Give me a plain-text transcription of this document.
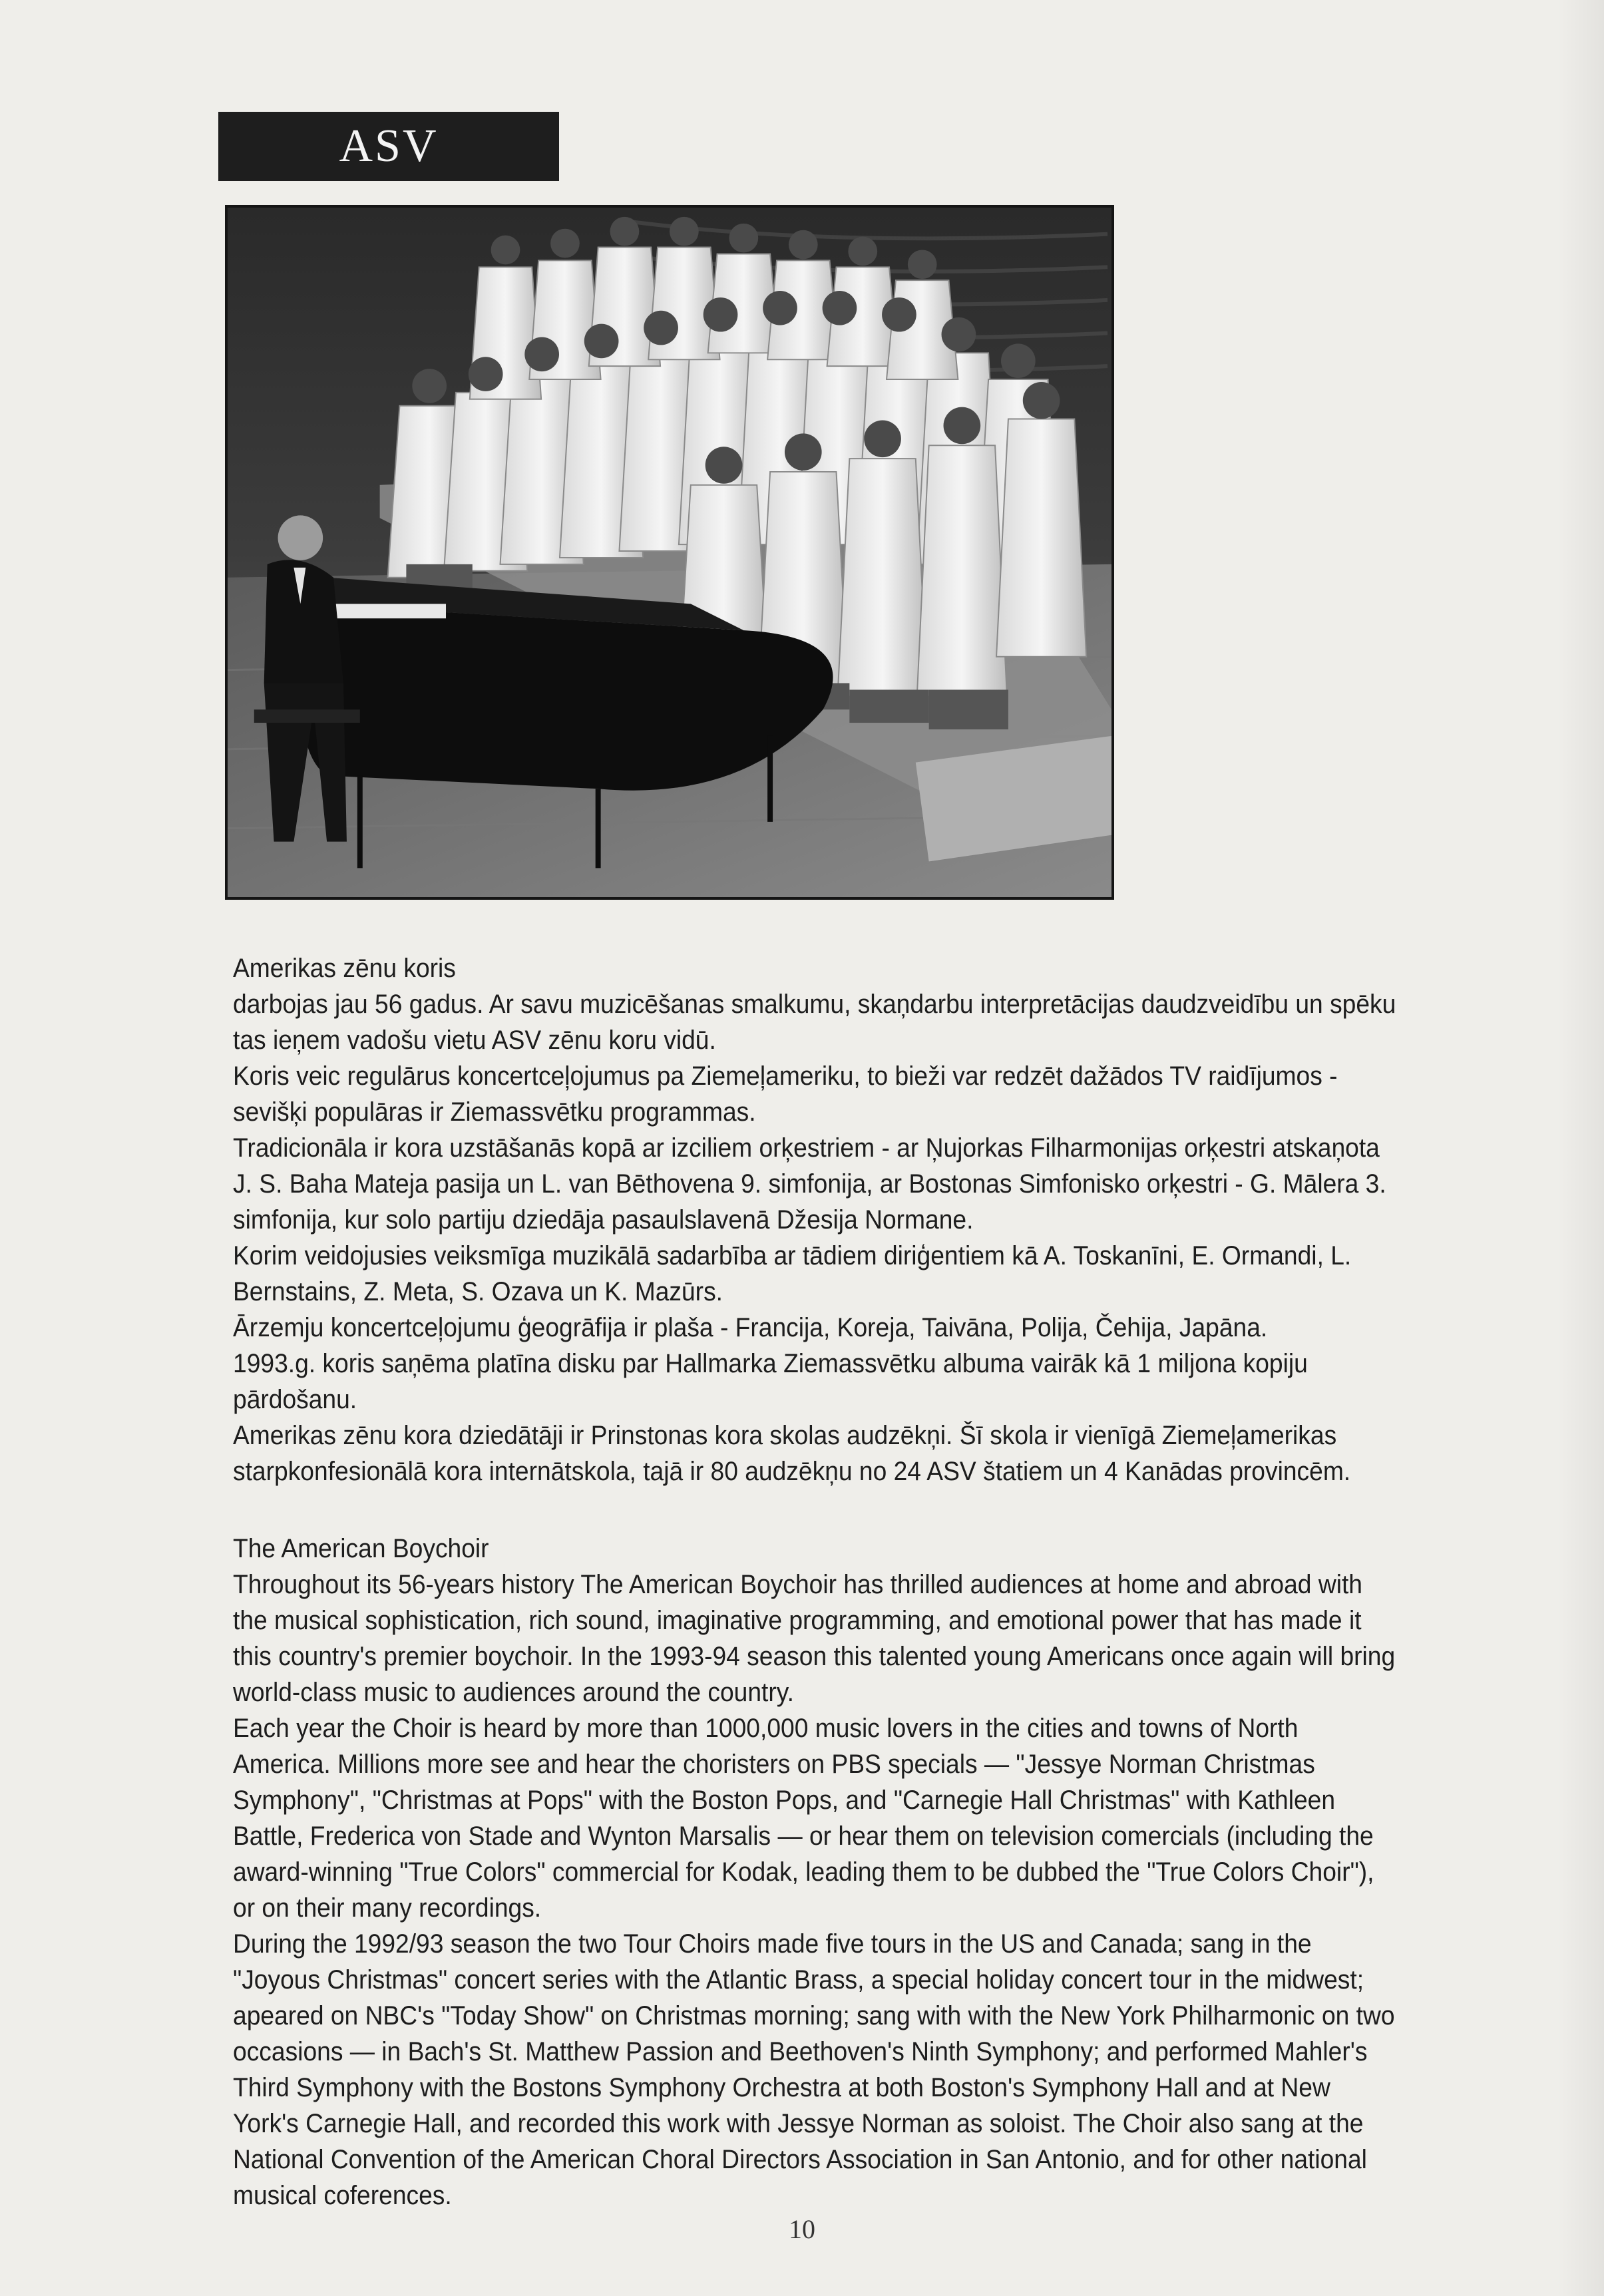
ASV

Amerikas zēnu koris

darbojas jau 56 gadus. Ar savu muzicēšanas smalkumu, skaņdarbu interpretācijas daudzveidību un spēku tas ieņem vadošu vietu ASV zēnu koru vidū.

Koris veic regulārus koncertceļojumus pa Ziemeļameriku, to bieži var redzēt dažādos TV raidījumos - sevišķi populāras ir Ziemassvētku programmas.

Tradicionāla ir kora uzstāšanās kopā ar izciliem orķestriem - ar Ņujorkas Filharmonijas orķestri atskaņota J. S. Baha Mateja pasija un L. van Bēthovena 9. simfonija, ar Bostonas Simfonisko orķestri - G. Mālera 3. simfonija, kur solo partiju dziedāja pasaulslavenā Džesija Normane.

Korim veidojusies veiksmīga muzikālā sadarbība ar tādiem diriģentiem kā A. Toskanīni, E. Ormandi, L. Bernstains, Z. Meta, S. Ozava un K. Mazūrs.

Ārzemju koncertceļojumu ģeogrāfija ir plaša - Francija, Koreja, Taivāna, Polija, Čehija, Japāna.

1993.g. koris saņēma platīna disku par Hallmarka Ziemassvētku albuma vairāk kā 1 miljona kopiju pārdošanu.

Amerikas zēnu kora dziedātāji ir Prinstonas kora skolas audzēkņi. Šī skola ir vienīgā Ziemeļamerikas starpkonfesionālā kora internātskola, tajā ir 80 audzēkņu no 24 ASV štatiem un 4 Kanādas provincēm.

The American Boychoir

Throughout its 56-years history The American Boychoir has thrilled audiences at home and abroad with the musical sophistication, rich sound, imaginative programming, and emotional power that has made it this country's premier boychoir. In the 1993-94 season this talented young Americans once again will bring world-class music to audiences around the country.

Each year the Choir is heard by more than 1000,000 music lovers in the cities and towns of North America. Millions more see and hear the choristers on PBS specials — "Jessye Norman Christmas Symphony", "Christmas at Pops" with the Boston Pops, and "Carnegie Hall Christmas" with Kathleen Battle, Frederica von Stade and Wynton Marsalis — or hear them on television comercials (including the award-winning "True Colors" commercial for Kodak, leading them to be dubbed the "True Colors Choir"), or on their many recordings.

During the 1992/93 season the two Tour Choirs made five tours in the US and Canada; sang in the "Joyous Christmas" concert series with the Atlantic Brass, a special holiday concert tour in the midwest; apeared on NBC's "Today Show" on Christmas morning; sang with with the New York Philharmonic on two occasions — in Bach's St. Matthew Passion and Beethoven's Ninth Symphony; and performed Mahler's Third Symphony with the Bostons Symphony Orchestra at both Boston's Symphony Hall and at New York's Carnegie Hall, and recorded this work with Jessye Norman as soloist. The Choir also sang at the National Convention of the American Choral Directors Association in San Antonio, and for other national musical coferences.

10
